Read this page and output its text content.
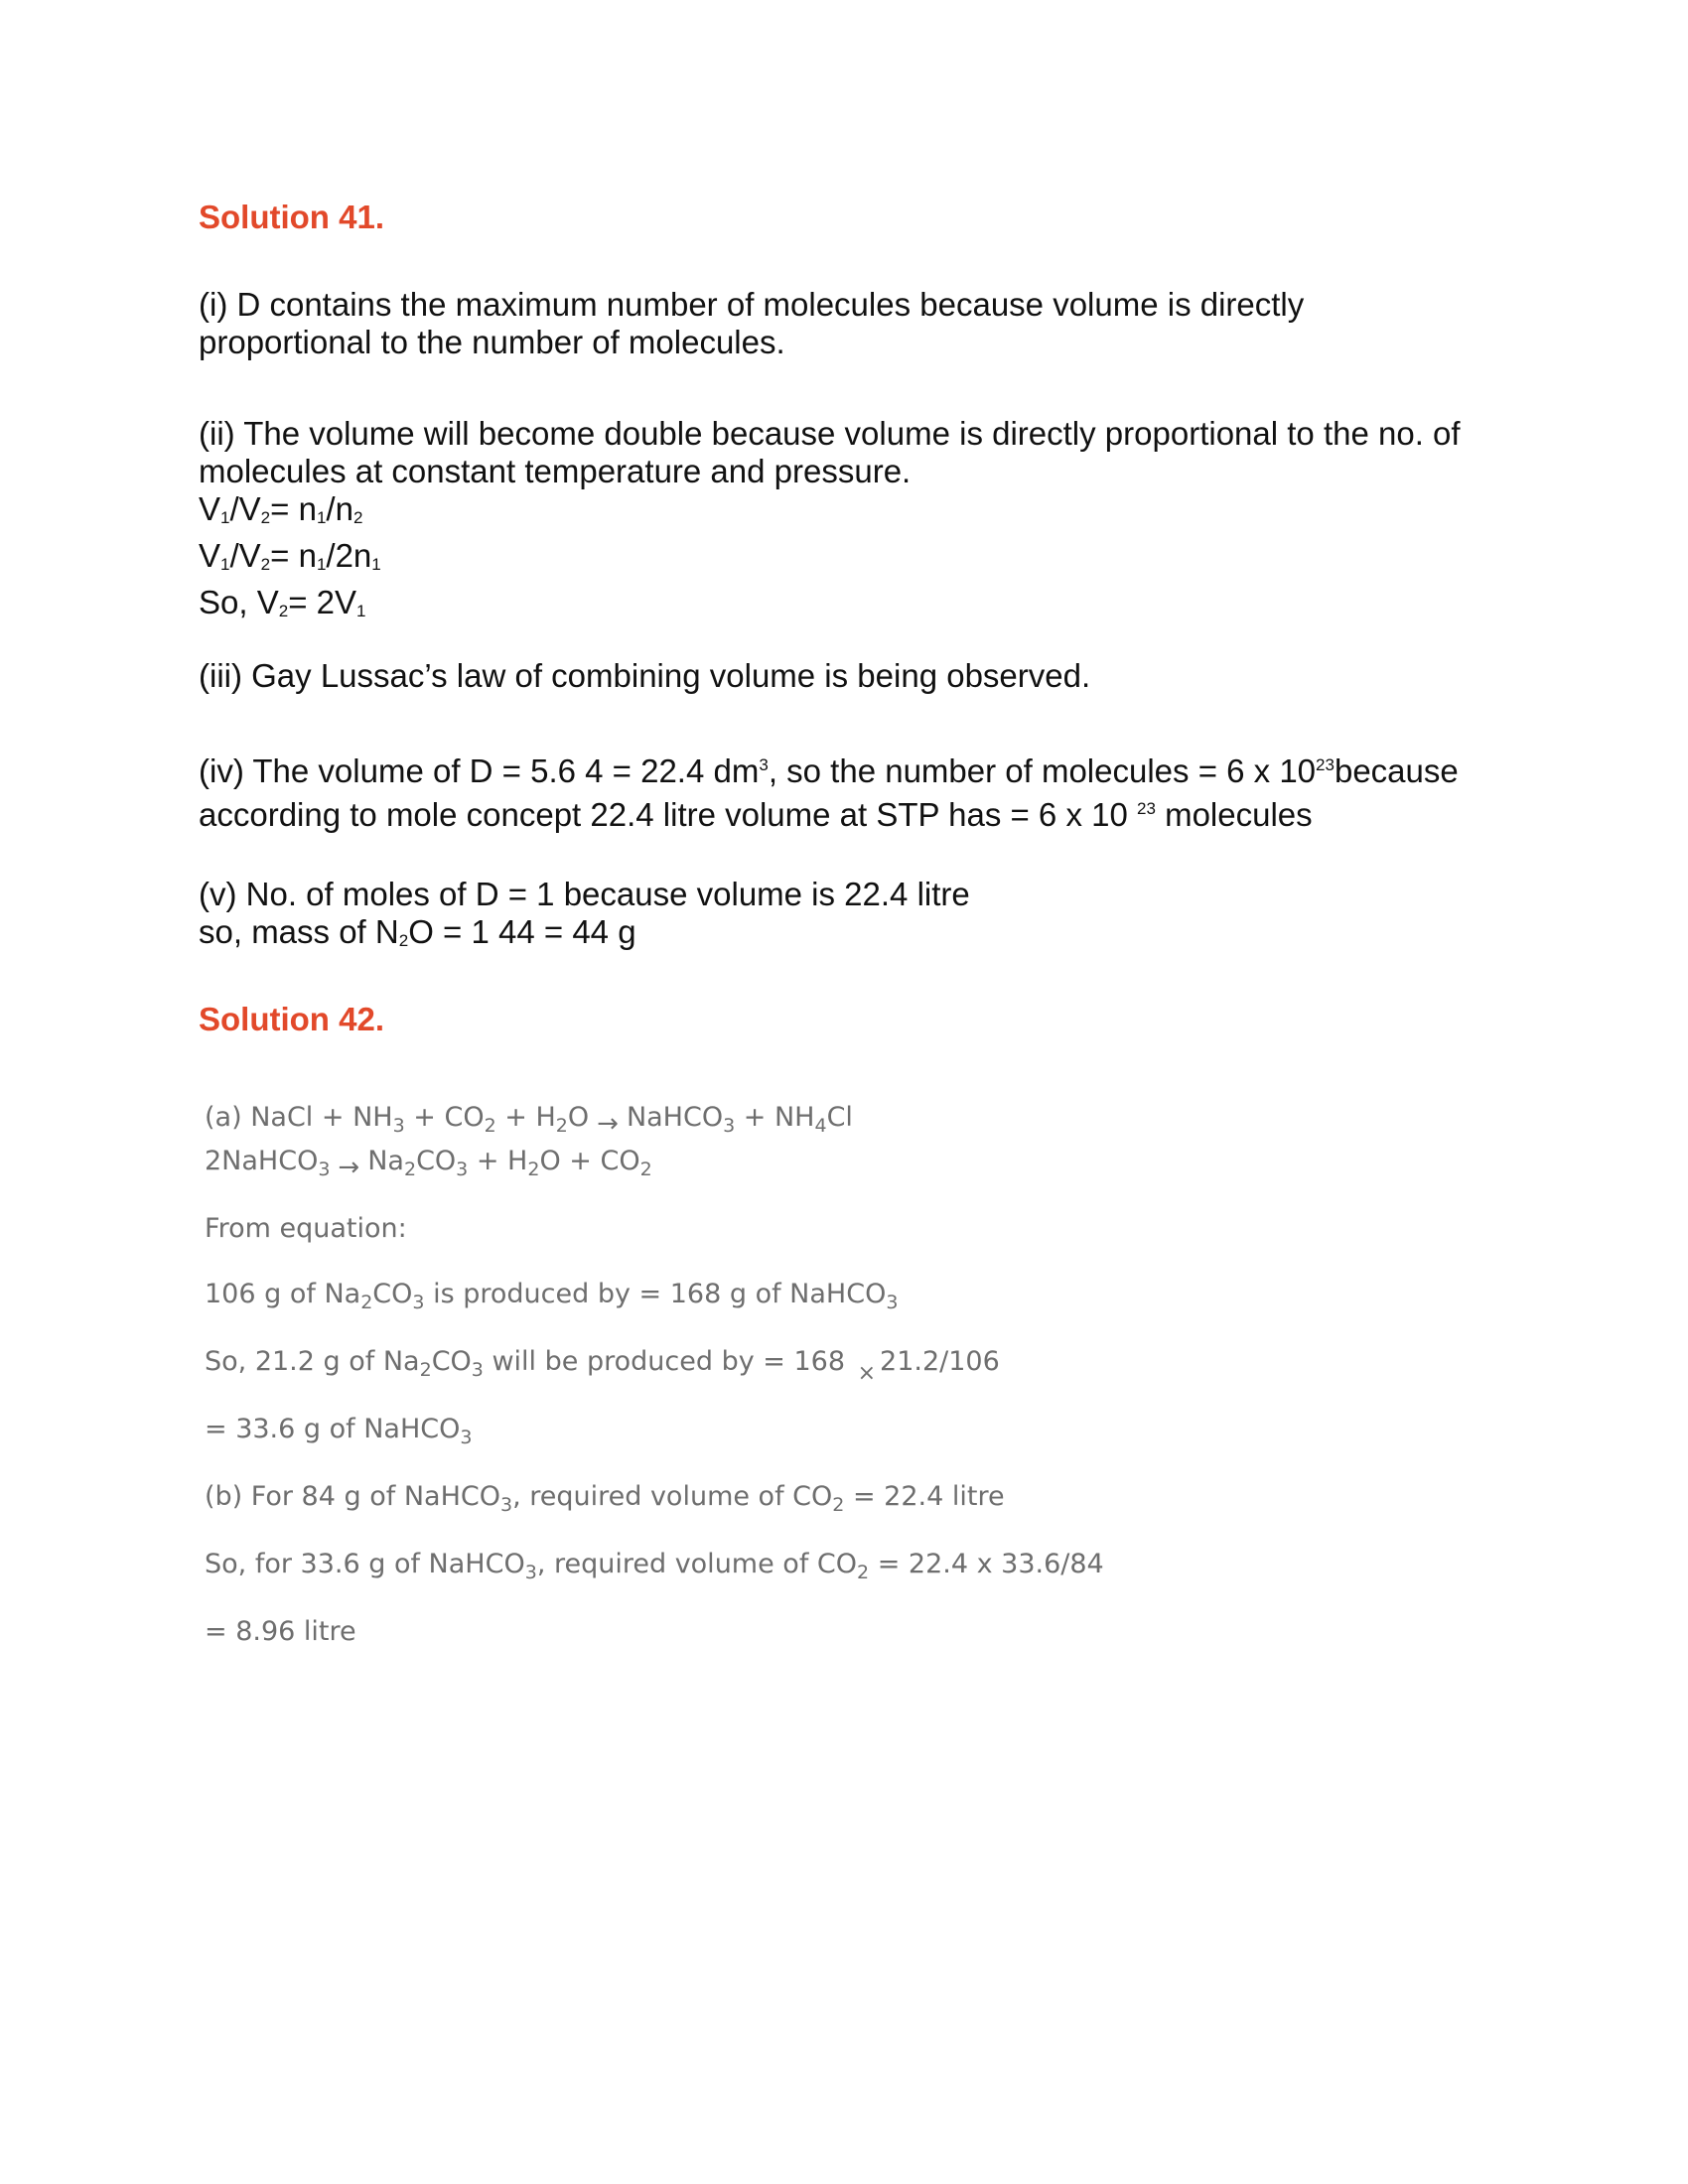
Solution 41.

(i) D contains the maximum number of molecules because volume is directly
proportional to the number of molecules.

(ii) The volume will become double because volume is directly proportional to the no. of
molecules at constant temperature and pressure.
$V_1/V_2= n_1/n_2$
$V_1/V_2= n_1/2n_1$
So, $V_2= 2V_1$

(iii) Gay Lussac’s law of combining volume is being observed.

(iv) The volume of D = 5.6 4 = 22.4 $dm^3$, so the number of molecules = 6 x $10^{23}because$
according to mole concept 22.4 litre volume at STP has = 6 x 10 $^{23}$ molecules

(v) No. of moles of D = 1 because volume is 22.4 litre
so, mass of $N_2O = 1$ 44 = 44 g

Solution 42.
(a) NaCl + $NH_3 + CO_2 + H_2O$ → NaHCO$_3$ + $NH_4Cl$
2NaHCO$_3$ → $Na_2CO_3 + H_2O + CO_2$
From equation:
106 g of $Na_2CO_3$ is produced by = 168 g of NaHCO$_3$
So, 21.2 g of $Na_2CO_3$ will be produced by = 168 × 21.2/106
= 33.6 g of NaHCO$_3$
(b) For 84 g of NaHCO$_3$, required volume of $CO_2 = 22.4$ litre
So, for 33.6 g of NaHCO$_3$, required volume of $CO_2 = 22.4$ x 33.6/84
= 8.96 litre
